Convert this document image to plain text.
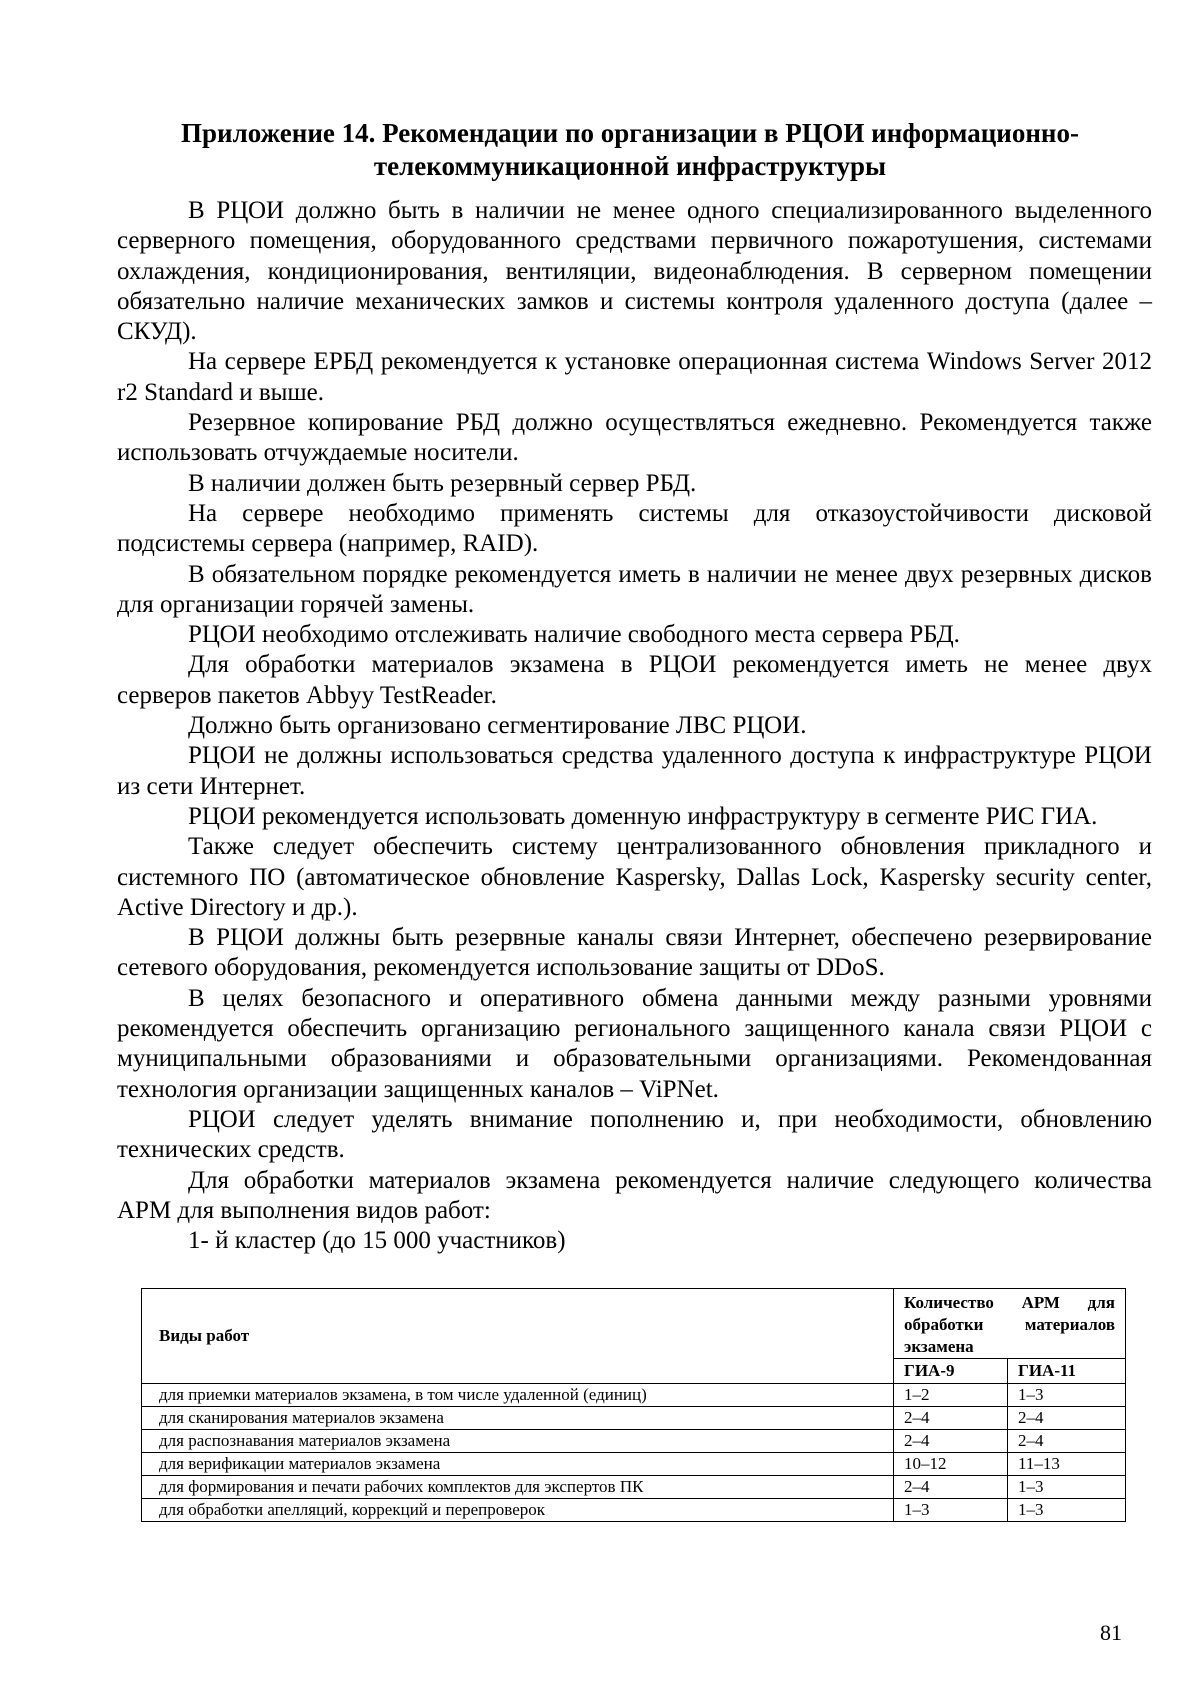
Приложение 14. Рекомендации по организации в РЦОИ информационно-
телекоммуникационной инфраструктуры

В РЦОИ должно быть в наличии не менее одного специализированного выделенного серверного помещения, оборудованного средствами первичного пожаротушения, системами охлаждения, кондиционирования, вентиляции, видеонаблюдения. В серверном помещении обязательно наличие механических замков и системы контроля удаленного доступа (далее – СКУД).

На сервере ЕРБД рекомендуется к установке операционная система Windows Server 2012 r2 Standard и выше.

Резервное копирование РБД должно осуществляться ежедневно. Рекомендуется также использовать отчуждаемые носители.

В наличии должен быть резервный сервер РБД.

На сервере необходимо применять системы для отказоустойчивости дисковой подсистемы сервера (например, RAID).

В обязательном порядке рекомендуется иметь в наличии не менее двух резервных дисков для организации горячей замены.

РЦОИ необходимо отслеживать наличие свободного места сервера РБД.

Для обработки материалов экзамена в РЦОИ рекомендуется иметь не менее двух серверов пакетов Abbyy TestReader.

Должно быть организовано сегментирование ЛВС РЦОИ.

РЦОИ не должны использоваться средства удаленного доступа к инфраструктуре РЦОИ из сети Интернет.

РЦОИ рекомендуется использовать доменную инфраструктуру в сегменте РИС ГИА.

Также следует обеспечить систему централизованного обновления прикладного и системного ПО (автоматическое обновление Kaspersky, Dallas Lock, Kaspersky security center, Active Directory и др.).

В РЦОИ должны быть резервные каналы связи Интернет, обеспечено резервирование сетевого оборудования, рекомендуется использование защиты от DDoS.

В целях безопасного и оперативного обмена данными между разными уровнями рекомендуется обеспечить организацию регионального защищенного канала связи РЦОИ с муниципальными образованиями и образовательными организациями. Рекомендованная технология организации защищенных каналов – ViPNet.

РЦОИ следует уделять внимание пополнению и, при необходимости, обновлению технических средств.

Для обработки материалов экзамена рекомендуется наличие следующего количества АРМ для выполнения видов работ:

1- й кластер (до 15 000 участников)
Виды работ	Количество АРМ для обработки материалов экзамена	
	ГИА-9	ГИА-11
для приемки материалов экзамена, в том числе удаленной (единиц)	1–2	1–3
для сканирования материалов экзамена	2–4	2–4
для распознавания материалов экзамена	2–4	2–4
для верификации материалов экзамена	10–12	11–13
для формирования и печати рабочих комплектов для экспертов ПК	2–4	1–3
для обработки апелляций, коррекций и перепроверок	1–3	1–3
81
